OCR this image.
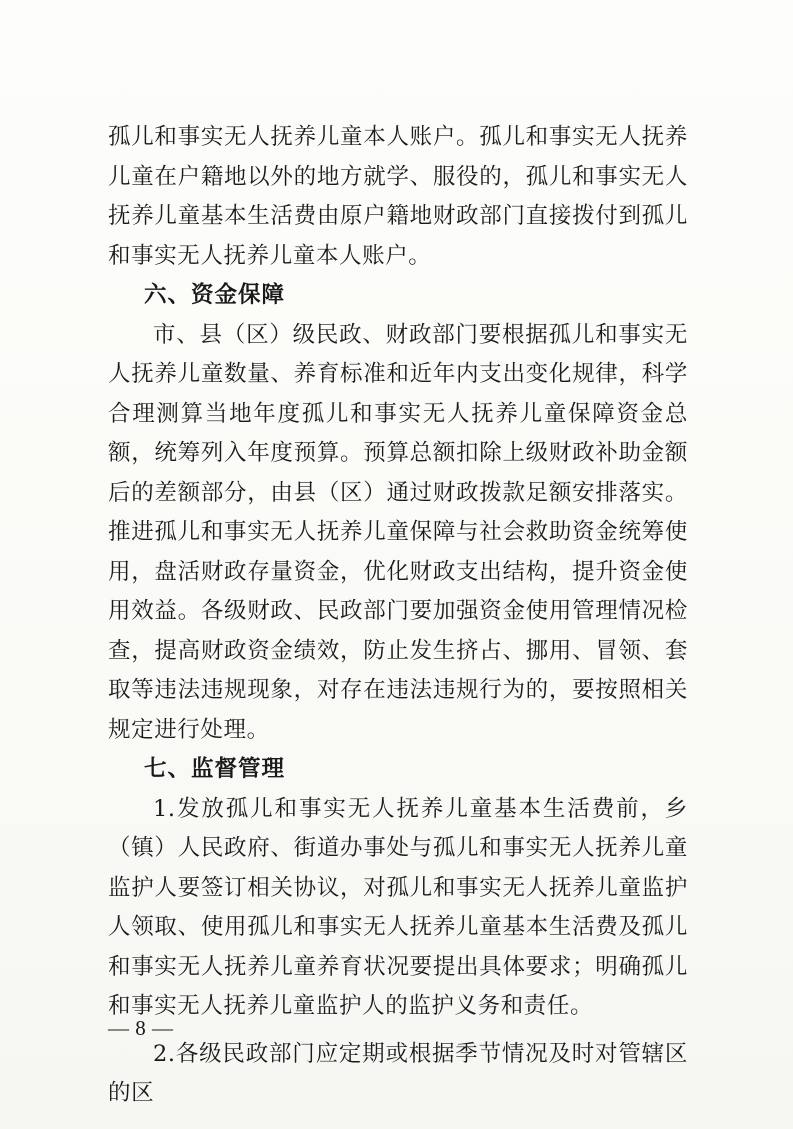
孤儿和事实无人抚养儿童本人账户。孤儿和事实无人抚养儿童在户籍地以外的地方就学、服役的，孤儿和事实无人抚养儿童基本生活费由原户籍地财政部门直接拨付到孤儿和事实无人抚养儿童本人账户。

六、资金保障

市、县（区）级民政、财政部门要根据孤儿和事实无人抚养儿童数量、养育标准和近年内支出变化规律，科学合理测算当地年度孤儿和事实无人抚养儿童保障资金总额，统筹列入年度预算。预算总额扣除上级财政补助金额后的差额部分，由县（区）通过财政拨款足额安排落实。推进孤儿和事实无人抚养儿童保障与社会救助资金统筹使用，盘活财政存量资金，优化财政支出结构，提升资金使用效益。各级财政、民政部门要加强资金使用管理情况检查，提高财政资金绩效，防止发生挤占、挪用、冒领、套取等违法违规现象，对存在违法违规行为的，要按照相关规定进行处理。

七、监督管理

1.发放孤儿和事实无人抚养儿童基本生活费前，乡（镇）人民政府、街道办事处与孤儿和事实无人抚养儿童监护人要签订相关协议，对孤儿和事实无人抚养儿童监护人领取、使用孤儿和事实无人抚养儿童基本生活费及孤儿和事实无人抚养儿童养育状况要提出具体要求；明确孤儿和事实无人抚养儿童监护人的监护义务和责任。

2.各级民政部门应定期或根据季节情况及时对管辖区的区

— 8 —
